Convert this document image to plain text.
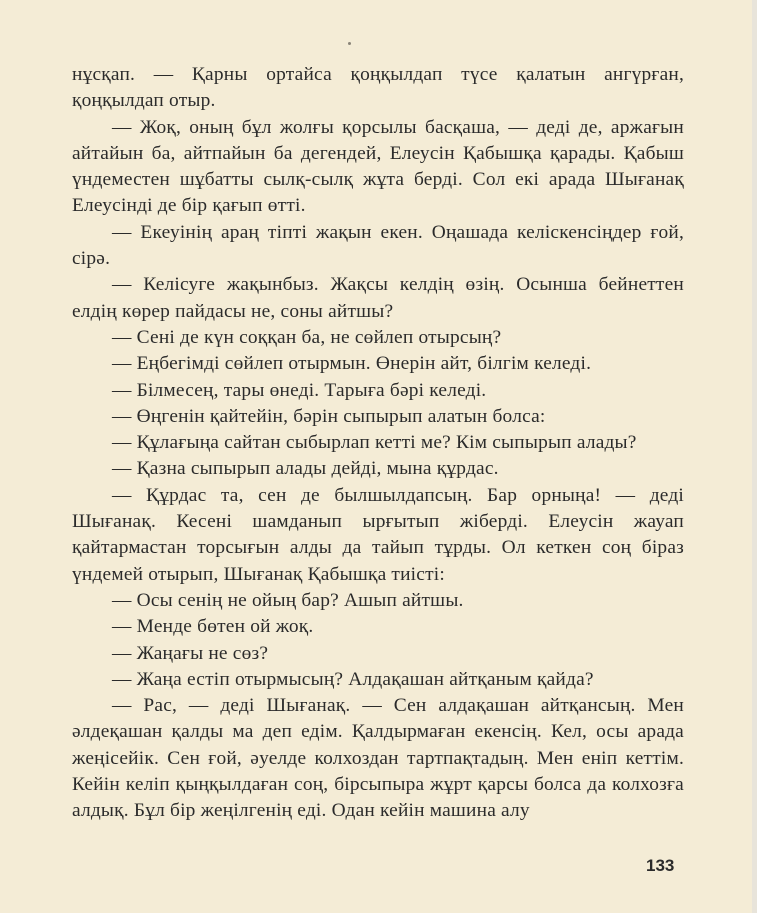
нұсқап. — Қарны ортайса қоңқылдап түсе қалатын ангүрған, қоңқылдап отыр.

— Жоқ, оның бұл жолғы қорсылы басқаша, — деді де, аржағын айтайын ба, айтпайын ба дегендей, Елеусін Қабышқа қарады. Қабыш үндеместен шұбатты сылқ-сылқ жұта берді. Сол екі арада Шығанақ Елеусінді де бір қағып өтті.

— Екеуінің араң тіпті жақын екен. Оңашада келіскенсіңдер ғой, сірә.

— Келісуге жақынбыз. Жақсы келдің өзің. Осынша бейнеттен елдің көрер пайдасы не, соны айтшы?

— Сені де күн соққан ба, не сөйлеп отырсың?

— Еңбегімді сөйлеп отырмын. Өнерін айт, білгім келеді.

— Білмесең, тары өнеді. Тарыға бәрі келеді.

— Өңгенін қайтейін, бәрін сыпырып алатын болса:

— Құлағыңа сайтан сыбырлап кетті ме? Кім сыпырып алады?

— Қазна сыпырып алады дейді, мына құрдас.

— Құрдас та, сен де былшылдапсың. Бар орныңа! — деді Шығанақ. Кесені шамданып ырғытып жіберді. Елеусін жауап қайтармастан торсығын алды да тайып тұрды. Ол кеткен соң біраз үндемей отырып, Шығанақ Қабышқа тиісті:

— Осы сенің не ойың бар? Ашып айтшы.

— Менде бөтен ой жоқ.

— Жаңағы не сөз?

— Жаңа естіп отырмысың? Алдақашан айтқаным қайда?

— Рас, — деді Шығанақ. — Сен алдақашан айтқансың. Мен әлдеқашан қалды ма деп едім. Қалдырмаған екенсің. Кел, осы арада жеңісейік. Сен ғой, әуелде колхоздан тартпақтадың. Мен еніп кеттім. Кейін келіп қыңқылдаған соң, бірсыпыра жұрт қарсы болса да колхозға алдық. Бұл бір жеңілгенің еді. Одан кейін машина алу

133
